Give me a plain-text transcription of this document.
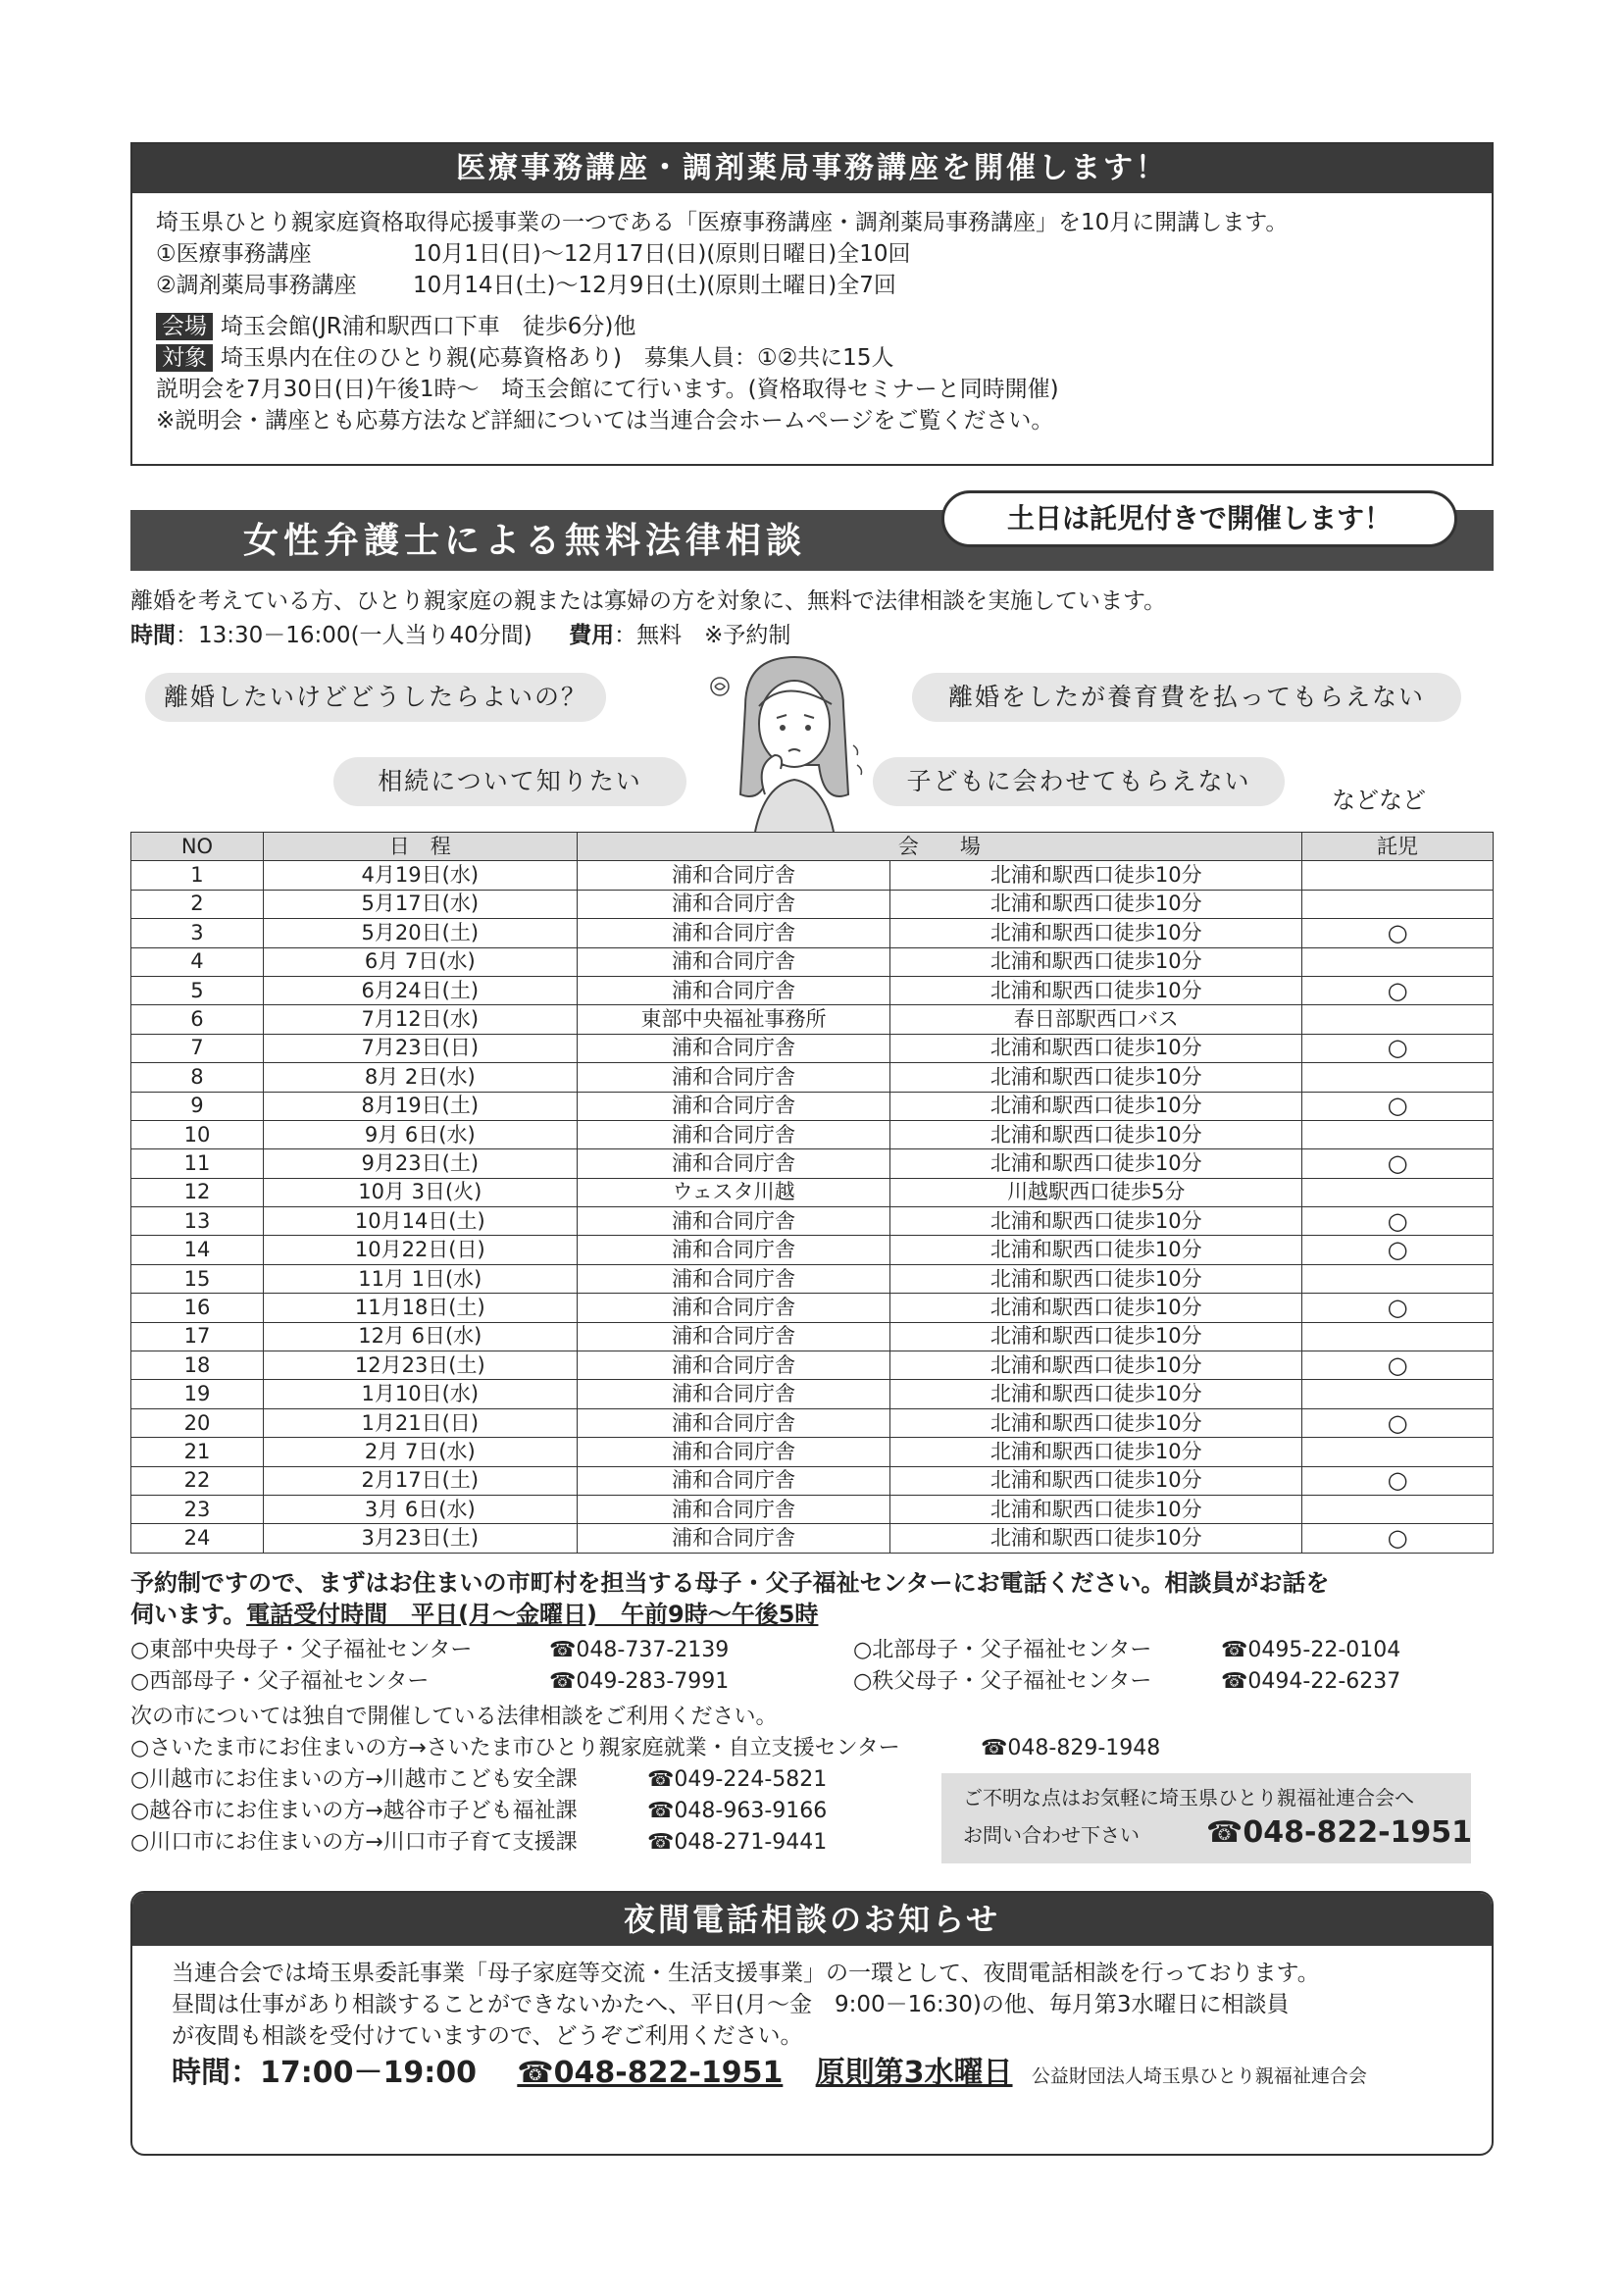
医療事務講座・調剤薬局事務講座を開催します！
埼玉県ひとり親家庭資格取得応援事業の一つである「医療事務講座・調剤薬局事務講座」を10月に開講します。
①医療事務講座	10月1日(日)～12月17日(日)(原則日曜日)全10回
②調剤薬局事務講座 10月14日(土)～12月9日(土)(原則土曜日)全7回
会場 埼玉会館(JR浦和駅西口下車　徒歩6分)他
対象 埼玉県内在住のひとり親(応募資格あり)　募集人員：①②共に15人
説明会を7月30日(日)午後1時～　埼玉会館にて行います。(資格取得セミナーと同時開催)
※説明会・講座とも応募方法など詳細については当連合会ホームページをご覧ください。
女性弁護士による無料法律相談
土日は託児付きで開催します！
離婚を考えている方、ひとり親家庭の親または寡婦の方を対象に、無料で法律相談を実施しています。
時間：13:30－16:00(一人当り40分間) 費用：無料　※予約制
離婚したいけどどうしたらよいの？	離婚をしたが養育費を払ってもらえない
相続について知りたい	子どもに会わせてもらえない
などなど
NO	日　程	会　　場		託児
1	4月19日(水)	浦和合同庁舎	北浦和駅西口徒歩10分	
2	5月17日(水)	浦和合同庁舎	北浦和駅西口徒歩10分	
3	5月20日(土)	浦和合同庁舎	北浦和駅西口徒歩10分	○
4	6月 7日(水)	浦和合同庁舎	北浦和駅西口徒歩10分	
5	6月24日(土)	浦和合同庁舎	北浦和駅西口徒歩10分	○
6	7月12日(水)	東部中央福祉事務所	春日部駅西口バス	
7	7月23日(日)	浦和合同庁舎	北浦和駅西口徒歩10分	○
8	8月 2日(水)	浦和合同庁舎	北浦和駅西口徒歩10分	
9	8月19日(土)	浦和合同庁舎	北浦和駅西口徒歩10分	○
10	9月 6日(水)	浦和合同庁舎	北浦和駅西口徒歩10分	
11	9月23日(土)	浦和合同庁舎	北浦和駅西口徒歩10分	○
12	10月 3日(火)	ウェスタ川越	川越駅西口徒歩5分	
13	10月14日(土)	浦和合同庁舎	北浦和駅西口徒歩10分	○
14	10月22日(日)	浦和合同庁舎	北浦和駅西口徒歩10分	○
15	11月 1日(水)	浦和合同庁舎	北浦和駅西口徒歩10分	
16	11月18日(土)	浦和合同庁舎	北浦和駅西口徒歩10分	○
17	12月 6日(水)	浦和合同庁舎	北浦和駅西口徒歩10分	
18	12月23日(土)	浦和合同庁舎	北浦和駅西口徒歩10分	○
19	1月10日(水)	浦和合同庁舎	北浦和駅西口徒歩10分	
20	1月21日(日)	浦和合同庁舎	北浦和駅西口徒歩10分	○
21	2月 7日(水)	浦和合同庁舎	北浦和駅西口徒歩10分	
22	2月17日(土)	浦和合同庁舎	北浦和駅西口徒歩10分	○
23	3月 6日(水)	浦和合同庁舎	北浦和駅西口徒歩10分	
24	3月23日(土)	浦和合同庁舎	北浦和駅西口徒歩10分	○
予約制ですので、まずはお住まいの市町村を担当する母子・父子福祉センターにお電話ください。相談員がお話を
伺います。電話受付時間　平日(月～金曜日)　午前9時～午後5時
○東部中央母子・父子福祉センター	☎048-737-2139	○北部母子・父子福祉センター	☎0495-22-0104
○西部母子・父子福祉センター	☎049-283-7991	○秩父母子・父子福祉センター	☎0494-22-6237
次の市については独自で開催している法律相談をご利用ください。
○さいたま市にお住まいの方→さいたま市ひとり親家庭就業・自立支援センター	☎048-829-1948
○川越市にお住まいの方→川越市こども安全課	☎049-224-5821
○越谷市にお住まいの方→越谷市子ども福祉課	☎048-963-9166
○川口市にお住まいの方→川口市子育て支援課	☎048-271-9441
ご不明な点はお気軽に埼玉県ひとり親福祉連合会へ
お問い合わせ下さい ☎048-822-1951
夜間電話相談のお知らせ
当連合会では埼玉県委託事業「母子家庭等交流・生活支援事業」の一環として、夜間電話相談を行っております。
昼間は仕事があり相談することができないかたへ、平日(月～金　9:00－16:30)の他、毎月第3水曜日に相談員
が夜間も相談を受付けていますので、どうぞご利用ください。
時間：17:00－19:00 ☎048-822-1951 原則第3水曜日 公益財団法人埼玉県ひとり親福祉連合会
